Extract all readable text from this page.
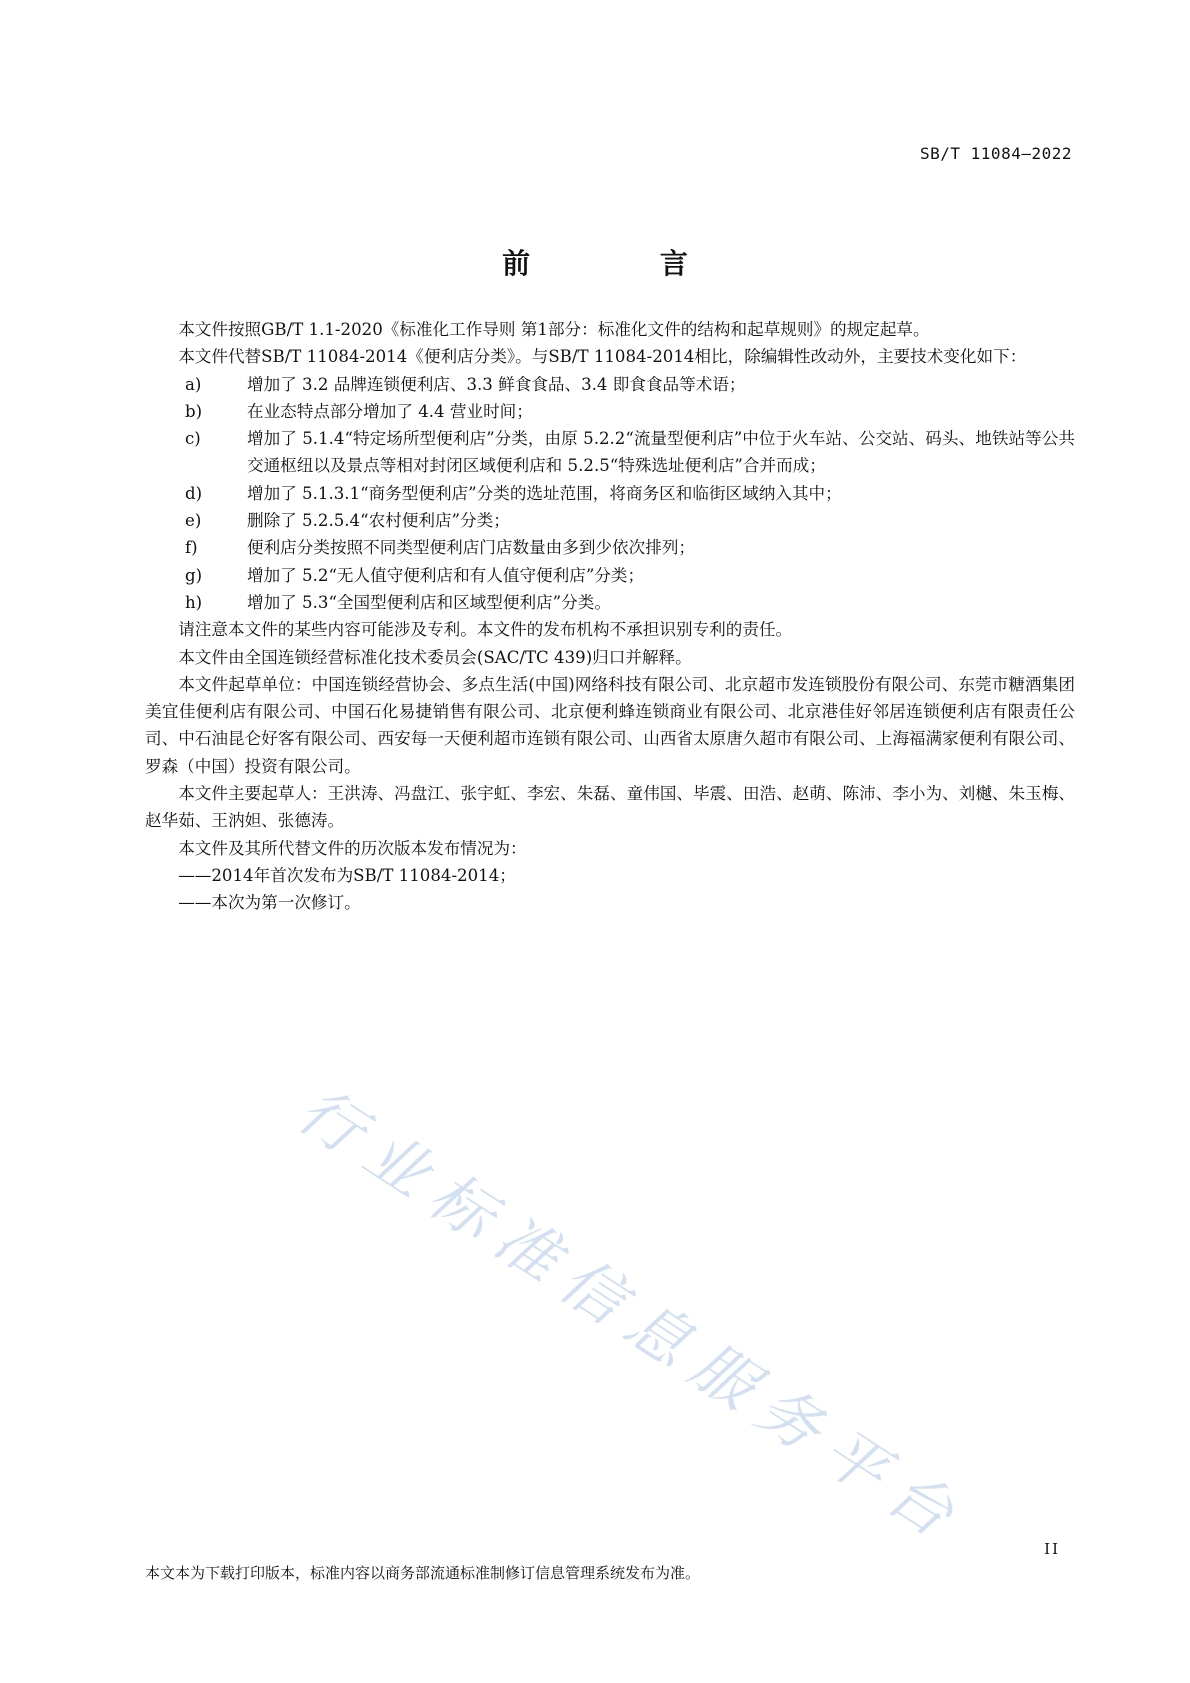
SB/T 11084—2022
前 言

本文件按照GB/T 1.1-2020《标准化工作导则 第1部分：标准化文件的结构和起草规则》的规定起草。

本文件代替SB/T 11084-2014《便利店分类》。与SB/T 11084-2014相比，除编辑性改动外，主要技术变化如下：

a)	增加了 3.2 品牌连锁便利店、3.3 鲜食食品、3.4 即食食品等术语；
b)	在业态特点部分增加了 4.4 营业时间；
c)	增加了 5.1.4“特定场所型便利店”分类，由原 5.2.2“流量型便利店”中位于火车站、公交站、码头、地铁站等公共交通枢纽以及景点等相对封闭区域便利店和 5.2.5“特殊选址便利店”合并而成；
d)	增加了 5.1.3.1“商务型便利店”分类的选址范围，将商务区和临街区域纳入其中；
e)	删除了 5.2.5.4“农村便利店”分类；
f)	便利店分类按照不同类型便利店门店数量由多到少依次排列；
g)	增加了 5.2“无人值守便利店和有人值守便利店”分类；
h)	增加了 5.3“全国型便利店和区域型便利店”分类。

请注意本文件的某些内容可能涉及专利。本文件的发布机构不承担识别专利的责任。

本文件由全国连锁经营标准化技术委员会(SAC/TC 439)归口并解释。

本文件起草单位：中国连锁经营协会、多点生活(中国)网络科技有限公司、北京超市发连锁股份有限公司、东莞市糖酒集团美宜佳便利店有限公司、中国石化易捷销售有限公司、北京便利蜂连锁商业有限公司、北京港佳好邻居连锁便利店有限责任公司、中石油昆仑好客有限公司、西安每一天便利超市连锁有限公司、山西省太原唐久超市有限公司、上海福满家便利有限公司、罗森（中国）投资有限公司。

本文件主要起草人：王洪涛、冯盘江、张宇虹、李宏、朱磊、童伟国、毕震、田浩、赵萌、陈沛、李小为、刘樾、朱玉梅、赵华茹、王汭妲、张德涛。

本文件及其所代替文件的历次版本发布情况为：

——2014年首次发布为SB/T 11084-2014；

——本次为第一次修订。

行业标准信息服务平台	II
本文本为下载打印版本，标准内容以商务部流通标准制修订信息管理系统发布为准。
